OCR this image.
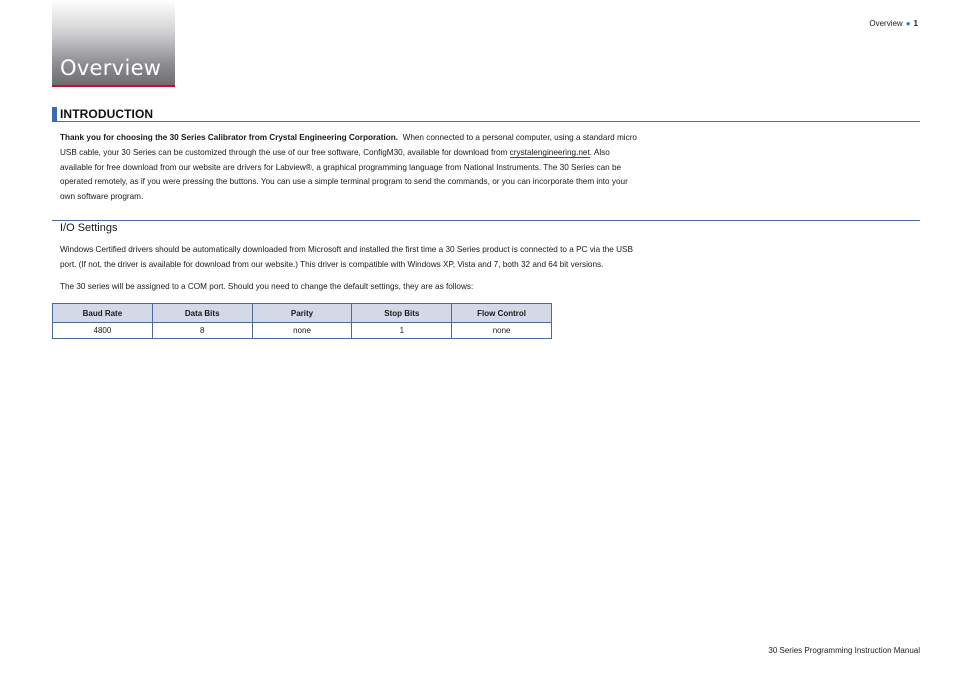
Overview
Overview ● 1
INTRODUCTION
Thank you for choosing the 30 Series Calibrator from Crystal Engineering Corporation. When connected to a personal computer, using a standard micro
USB cable, your 30 Series can be customized through the use of our free software, ConfigM30, available for download from crystalengineering.net. Also
available for free download from our website are drivers for Labview®, a graphical programming language from National Instruments. The 30 Series can be
operated remotely, as if you were pressing the buttons. You can use a simple terminal program to send the commands, or you can incorporate them into your
own software program.
I/O Settings
Windows Certified drivers should be automatically downloaded from Microsoft and installed the first time a 30 Series product is connected to a PC via the USB
port. (If not, the driver is available for download from our website.) This driver is compatible with Windows XP, Vista and 7, both 32 and 64 bit versions.
The 30 series will be assigned to a COM port. Should you need to change the default settings, they are as follows:
Baud Rate	Data Bits	Parity	Stop Bits	Flow Control
4800	8	none	1	none
30 Series Programming Instruction Manual
